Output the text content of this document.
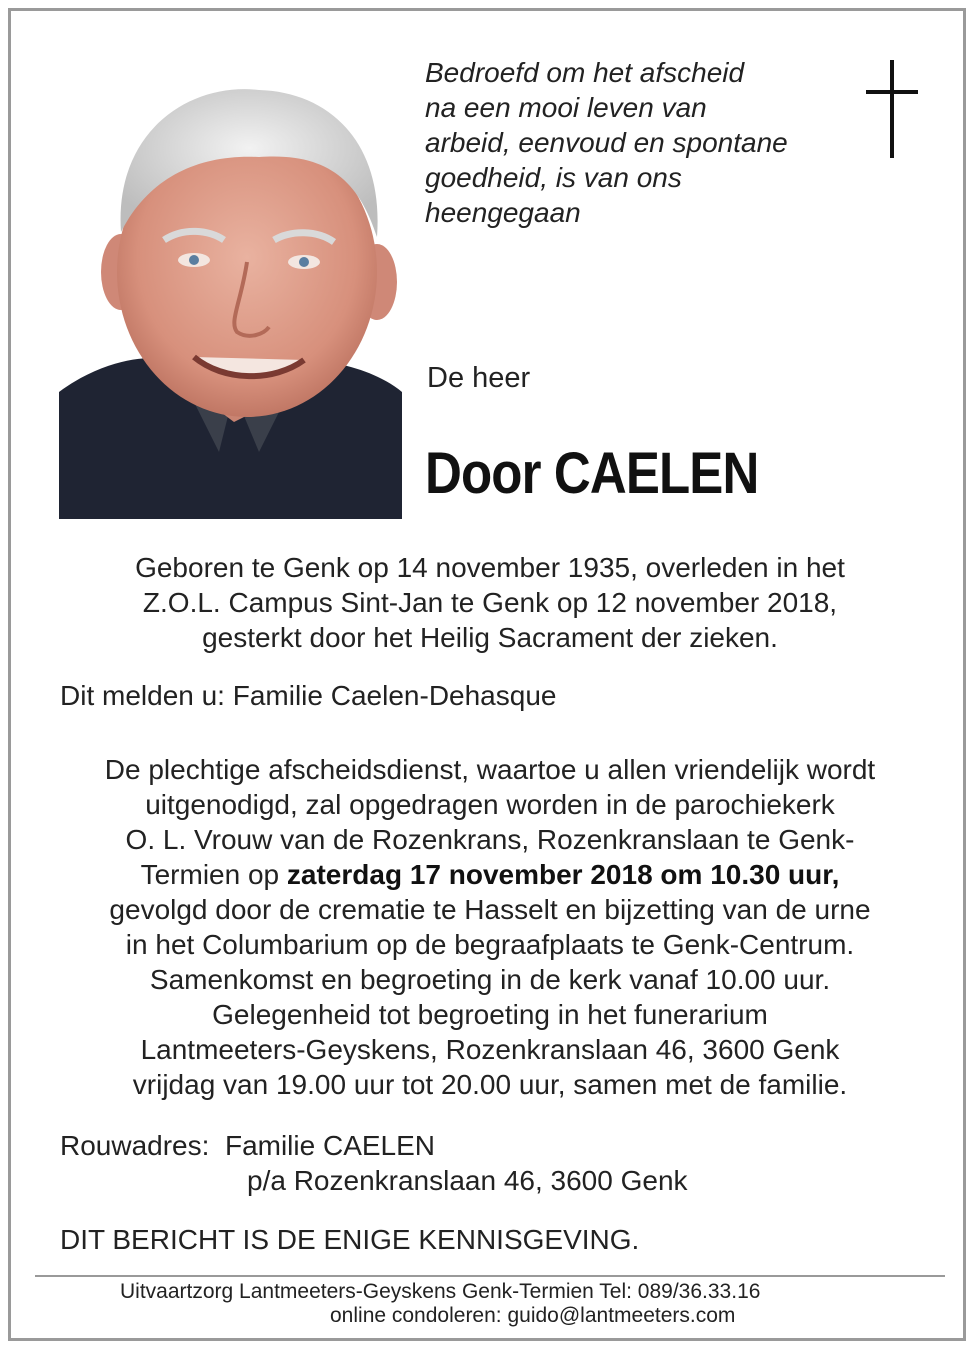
Bedroefd om het afscheid
na een mooi leven van
arbeid, eenvoud en spontane
goedheid, is van ons
heengegaan

De heer
Door CAELEN
Geboren te Genk op 14 november 1935, overleden in het
Z.O.L. Campus Sint-Jan te Genk op 12 november 2018,
gesterkt door het Heilig Sacrament der zieken.
Dit melden u: Familie Caelen-Dehasque
De plechtige afscheidsdienst, waartoe u allen vriendelijk wordt
uitgenodigd, zal opgedragen worden in de parochiekerk
O. L. Vrouw van de Rozenkrans, Rozenkranslaan te Genk-
Termien op zaterdag 17 november 2018 om 10.30 uur,
gevolgd door de crematie te Hasselt en bijzetting van de urne
in het Columbarium op de begraafplaats te Genk-Centrum.
Samenkomst en begroeting in de kerk vanaf 10.00 uur.
Gelegenheid tot begroeting in het funerarium
Lantmeeters-Geyskens, Rozenkranslaan 46, 3600 Genk
vrijdag van 19.00 uur tot 20.00 uur, samen met de familie.
Rouwadres:  Familie CAELEN
p/a Rozenkranslaan 46, 3600 Genk
DIT BERICHT IS DE ENIGE KENNISGEVING.
Uitvaartzorg Lantmeeters-Geyskens Genk-Termien Tel: 089/36.33.16
online condoleren: guido@lantmeeters.com
